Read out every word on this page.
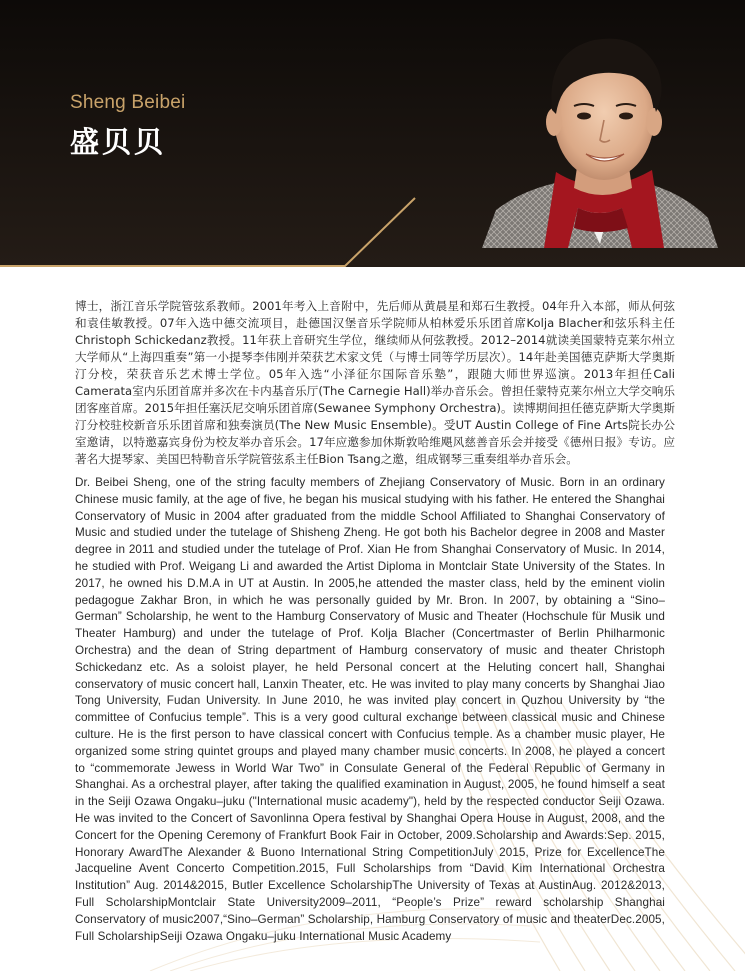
Sheng Beibei
盛贝贝

博士，浙江音乐学院管弦系教师。2001年考入上音附中，先后师从黄晨星和郑石生教授。04年升入本部，师从何弦和袁佳敏教授。07年入选中德交流项目，赴德国汉堡音乐学院师从柏林爱乐乐团首席Kolja Blacher和弦乐科主任Christoph Schickedanz教授。11年获上音研究生学位，继续师从何弦教授。2012–2014就读美国蒙特克莱尔州立大学师从“上海四重奏”第一小提琴李伟刚并荣获艺术家文凭（与博士同等学历层次）。14年赴美国德克萨斯大学奥斯汀分校，荣获音乐艺术博士学位。05年入选“小泽征尔国际音乐塾”，跟随大师世界巡演。2013年担任Cali Camerata室内乐团首席并多次在卡内基音乐厅(The Carnegie Hall)举办音乐会。曾担任蒙特克莱尔州立大学交响乐团客座首席。2015年担任塞沃尼交响乐团首席(Sewanee Symphony Orchestra)。读博期间担任德克萨斯大学奥斯汀分校驻校新音乐乐团首席和独奏演员(The New Music Ensemble)。受UT Austin College of Fine Arts院长办公室邀请，以特邀嘉宾身份为校友举办音乐会。17年应邀参加休斯敦哈维飓风慈善音乐会并接受《德州日报》专访。应著名大提琴家、美国巴特勒音乐学院管弦系主任Bion Tsang之邀，组成钢琴三重奏组举办音乐会。

Dr. Beibei Sheng, one of the string faculty members of Zhejiang Conservatory of Music. Born in an ordinary Chinese music family, at the age of five, he began his musical studying with his father. He entered the Shanghai Conservatory of Music in 2004 after graduated from the middle School Affiliated to Shanghai Conservatory of Music and studied under the tutelage of Shisheng Zheng. He got both his Bachelor degree in 2008 and Master degree in 2011 and studied under the tutelage of Prof. Xian He from Shanghai Conservatory of Music. In 2014, he studied with Prof. Weigang Li and awarded the Artist Diploma in Montclair State University of the States. In 2017, he owned his D.M.A in UT at Austin. In 2005,he attended the master class, held by the eminent violin pedagogue Zakhar Bron, in which he was personally guided by Mr. Bron. In 2007, by obtaining a “Sino–German” Scholarship, he went to the Hamburg Conservatory of Music and Theater (Hochschule für Musik und Theater Hamburg) and under the tutelage of Prof. Kolja Blacher (Concertmaster of Berlin Philharmonic Orchestra) and the dean of String department of Hamburg conservatory of music and theater Christoph Schickedanz etc. As a soloist player, he held Personal concert at the Heluting concert hall, Shanghai conservatory of music concert hall, Lanxin Theater, etc. He was invited to play many concerts by Shanghai Jiao Tong University, Fudan University. In June 2010, he was invited play concert in Quzhou University by “the committee of Confucius temple”. This is a very good cultural exchange between classical music and Chinese culture. He is the first person to have classical concert with Confucius temple. As a chamber music player, He organized some string quintet groups and played many chamber music concerts. In 2008, he played a concert to “commemorate Jewess in World War Two” in Consulate General of the Federal Republic of Germany in Shanghai. As a orchestral player, after taking the qualified examination in August, 2005, he found himself a seat in the Seiji Ozawa Ongaku–juku ("International music academy"), held by the respected conductor Seiji Ozawa. He was invited to the Concert of Savonlinna Opera festival by Shanghai Opera House in August, 2008, and the Concert for the Opening Ceremony of Frankfurt Book Fair in October, 2009.Scholarship and Awards:Sep. 2015, Honorary AwardThe Alexander & Buono International String CompetitionJuly 2015, Prize for ExcellenceThe Jacqueline Avent Concerto Competition.2015, Full Scholarships from “David Kim International Orchestra Institution” Aug. 2014&2015, Butler Excellence ScholarshipThe University of Texas at AustinAug. 2012&2013, Full ScholarshipMontclair State University2009–2011, “People’s Prize” reward scholarship Shanghai Conservatory of music2007,“Sino–German” Scholarship, Hamburg Conservatory of music and theaterDec.2005, Full ScholarshipSeiji Ozawa Ongaku–juku International Music Academy
